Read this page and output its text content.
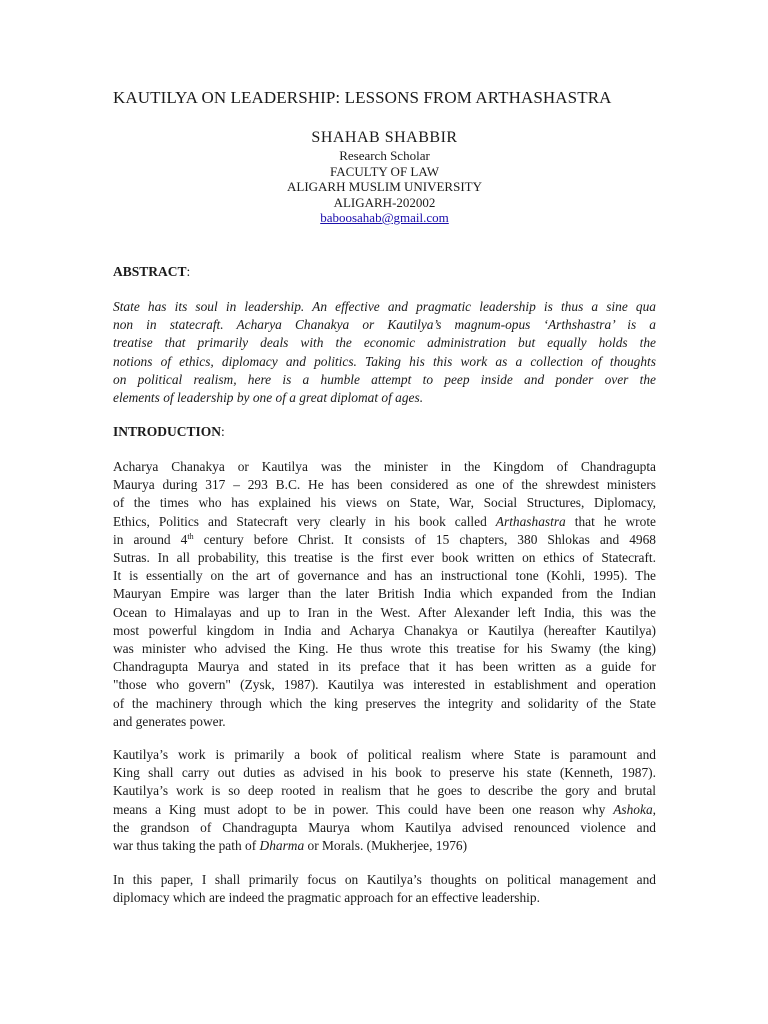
KAUTILYA ON LEADERSHIP: LESSONS FROM ARTHASHASTRA
SHAHAB SHABBIR
Research Scholar
FACULTY OF LAW
ALIGARH MUSLIM UNIVERSITY
ALIGARH-202002
baboosahab@gmail.com
ABSTRACT:
State has its soul in leadership. An effective and pragmatic leadership is thus a sine qua
non in statecraft. Acharya Chanakya or Kautilya’s magnum-opus ‘Arthshastra’ is a
treatise that primarily deals with the economic administration but equally holds the
notions of ethics, diplomacy and politics. Taking his this work as a collection of thoughts
on political realism, here is a humble attempt to peep inside and ponder over the
elements of leadership by one of a great diplomat of ages.
INTRODUCTION:
Acharya Chanakya or Kautilya was the minister in the Kingdom of Chandragupta
Maurya during 317 – 293 B.C. He has been considered as one of the shrewdest ministers
of the times who has explained his views on State, War, Social Structures, Diplomacy,
Ethics, Politics and Statecraft very clearly in his book called Arthashastra that he wrote
in around 4th century before Christ. It consists of 15 chapters, 380 Shlokas and 4968
Sutras. In all probability, this treatise is the first ever book written on ethics of Statecraft.
It is essentially on the art of governance and has an instructional tone (Kohli, 1995). The
Mauryan Empire was larger than the later British India which expanded from the Indian
Ocean to Himalayas and up to Iran in the West. After Alexander left India, this was the
most powerful kingdom in India and Acharya Chanakya or Kautilya (hereafter Kautilya)
was minister who advised the King. He thus wrote this treatise for his Swamy (the king)
Chandragupta Maurya and stated in its preface that it has been written as a guide for
"those who govern" (Zysk, 1987). Kautilya was interested in establishment and operation
of the machinery through which the king preserves the integrity and solidarity of the State
and generates power.
Kautilya’s work is primarily a book of political realism where State is paramount and
King shall carry out duties as advised in his book to preserve his state (Kenneth, 1987).
Kautilya’s work is so deep rooted in realism that he goes to describe the gory and brutal
means a King must adopt to be in power. This could have been one reason why Ashoka,
the grandson of Chandragupta Maurya whom Kautilya advised renounced violence and
war thus taking the path of Dharma or Morals. (Mukherjee, 1976)
In this paper, I shall primarily focus on Kautilya’s thoughts on political management and
diplomacy which are indeed the pragmatic approach for an effective leadership.
